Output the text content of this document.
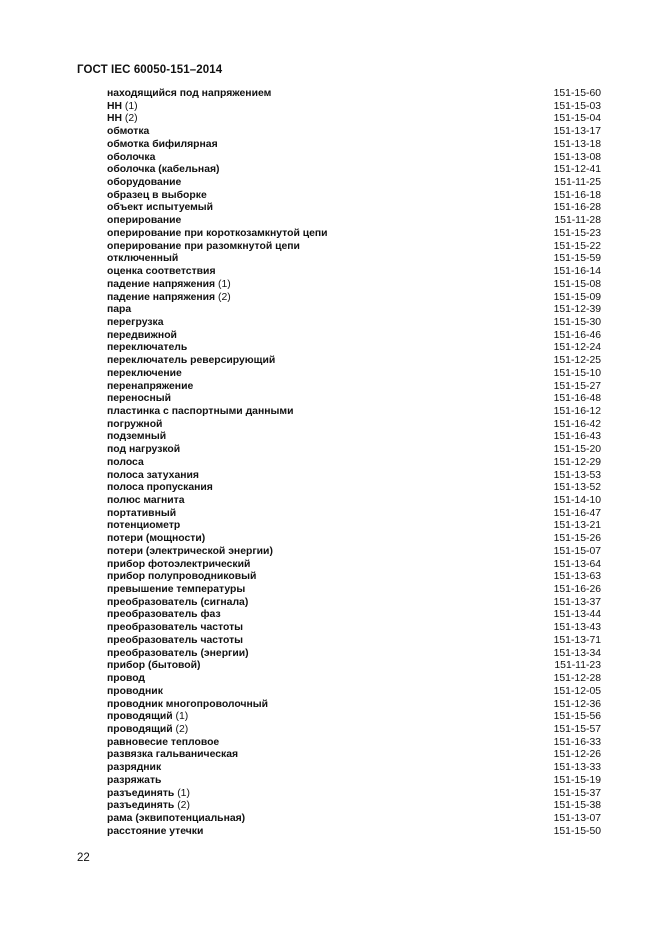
ГОСТ IEC 60050-151–2014
находящийся под напряжением	151-15-60
НН (1)	151-15-03
НН (2)	151-15-04
обмотка	151-13-17
обмотка бифилярная	151-13-18
оболочка	151-13-08
оболочка (кабельная)	151-12-41
оборудование	151-11-25
образец в выборке	151-16-18
объект испытуемый	151-16-28
оперирование	151-11-28
оперирование при короткозамкнутой цепи	151-15-23
оперирование при разомкнутой цепи	151-15-22
отключенный	151-15-59
оценка соответствия	151-16-14
падение напряжения (1)	151-15-08
падение напряжения (2)	151-15-09
пара	151-12-39
перегрузка	151-15-30
передвижной	151-16-46
переключатель	151-12-24
переключатель реверсирующий	151-12-25
переключение	151-15-10
перенапряжение	151-15-27
переносный	151-16-48
пластинка с паспортными данными	151-16-12
погружной	151-16-42
подземный	151-16-43
под нагрузкой	151-15-20
полоса	151-12-29
полоса затухания	151-13-53
полоса пропускания	151-13-52
полюс магнита	151-14-10
портативный	151-16-47
потенциометр	151-13-21
потери (мощности)	151-15-26
потери (электрической энергии)	151-15-07
прибор фотоэлектрический	151-13-64
прибор полупроводниковый	151-13-63
превышение температуры	151-16-26
преобразователь (сигнала)	151-13-37
преобразователь фаз	151-13-44
преобразователь частоты	151-13-43
преобразователь частоты	151-13-71
преобразователь (энергии)	151-13-34
прибор (бытовой)	151-11-23
провод	151-12-28
проводник	151-12-05
проводник многопроволочный	151-12-36
проводящий (1)	151-15-56
проводящий (2)	151-15-57
равновесие тепловое	151-16-33
развязка гальваническая	151-12-26
разрядник	151-13-33
разряжать	151-15-19
разъединять (1)	151-15-37
разъединять (2)	151-15-38
рама (эквипотенциальная)	151-13-07
расстояние утечки	151-15-50
22
